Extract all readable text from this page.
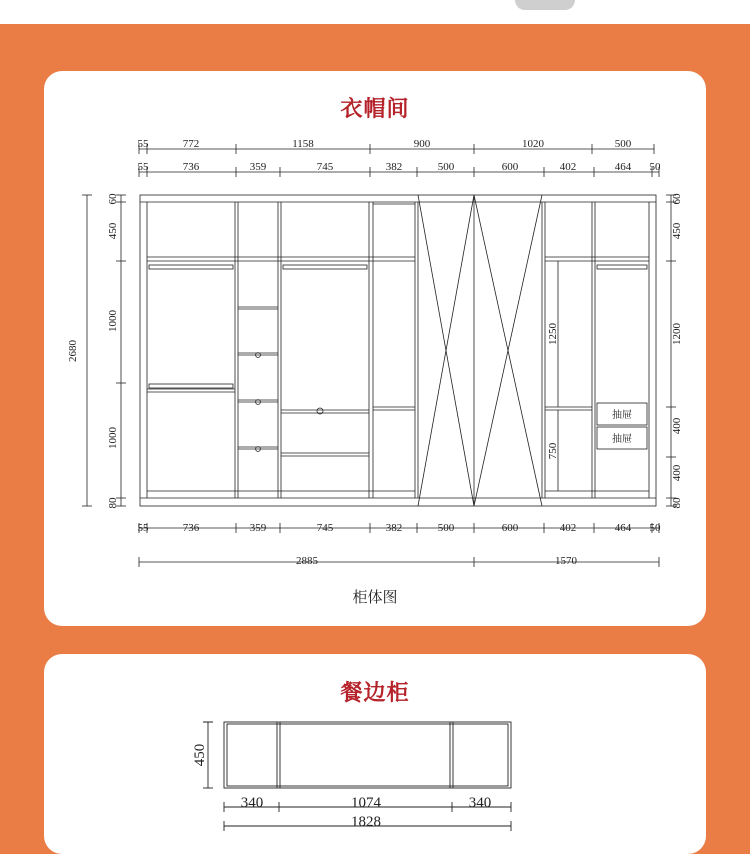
衣帽间
55	772	1158	900	1020	500
55	736	359	745	382	500	600	402	464 50
55	736	359	745	382	500	600	402	464 50
2885	1570
2680
60
450
1000
1000
80
60
450
1200
400
400
80
1250
750
抽屉
抽屉
柜体图
餐边柜
450
340	1074	340
1828
